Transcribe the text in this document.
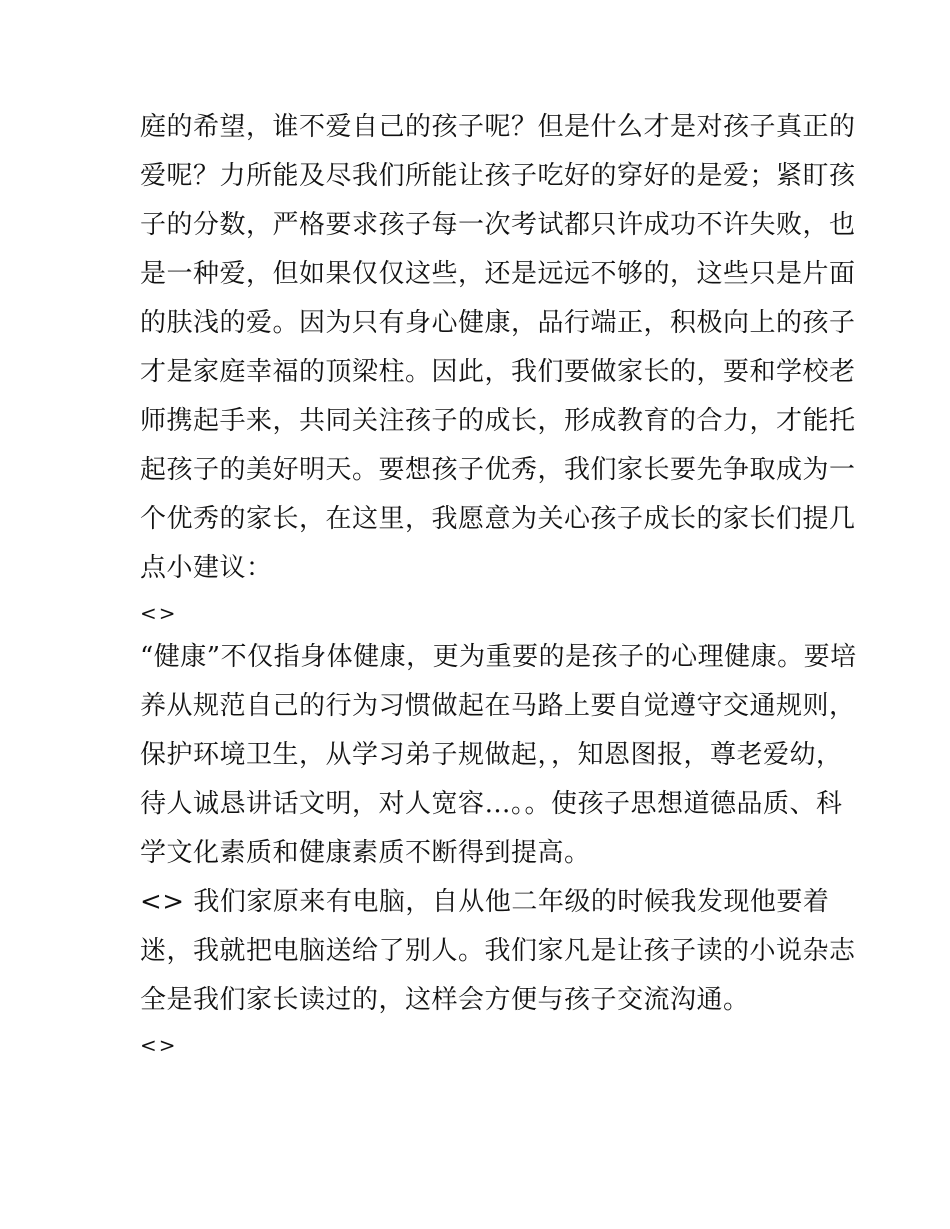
庭的希望，谁不爱自己的孩子呢？但是什么才是对孩子真正的
爱呢？力所能及尽我们所能让孩子吃好的穿好的是爱；紧盯孩
子的分数，严格要求孩子每一次考试都只许成功不许失败，也
是一种爱，但如果仅仅这些，还是远远不够的，这些只是片面
的肤浅的爱。因为只有身心健康，品行端正，积极向上的孩子
才是家庭幸福的顶梁柱。因此，我们要做家长的，要和学校老
师携起手来，共同关注孩子的成长，形成教育的合力，才能托
起孩子的美好明天。要想孩子优秀，我们家长要先争取成为一
个优秀的家长，在这里，我愿意为关心孩子成长的家长们提几
点小建议：
<>
“健康”不仅指身体健康，更为重要的是孩子的心理健康。要培
养从规范自己的行为习惯做起在马路上要自觉遵守交通规则，
保护环境卫生，从学习弟子规做起，，知恩图报，尊老爱幼，
待人诚恳讲话文明，对人宽容…。。使孩子思想道德品质、科
学文化素质和健康素质不断得到提高。
<> 我们家原来有电脑，自从他二年级的时候我发现他要着
迷，我就把电脑送给了别人。我们家凡是让孩子读的小说杂志
全是我们家长读过的，这样会方便与孩子交流沟通。
<>
